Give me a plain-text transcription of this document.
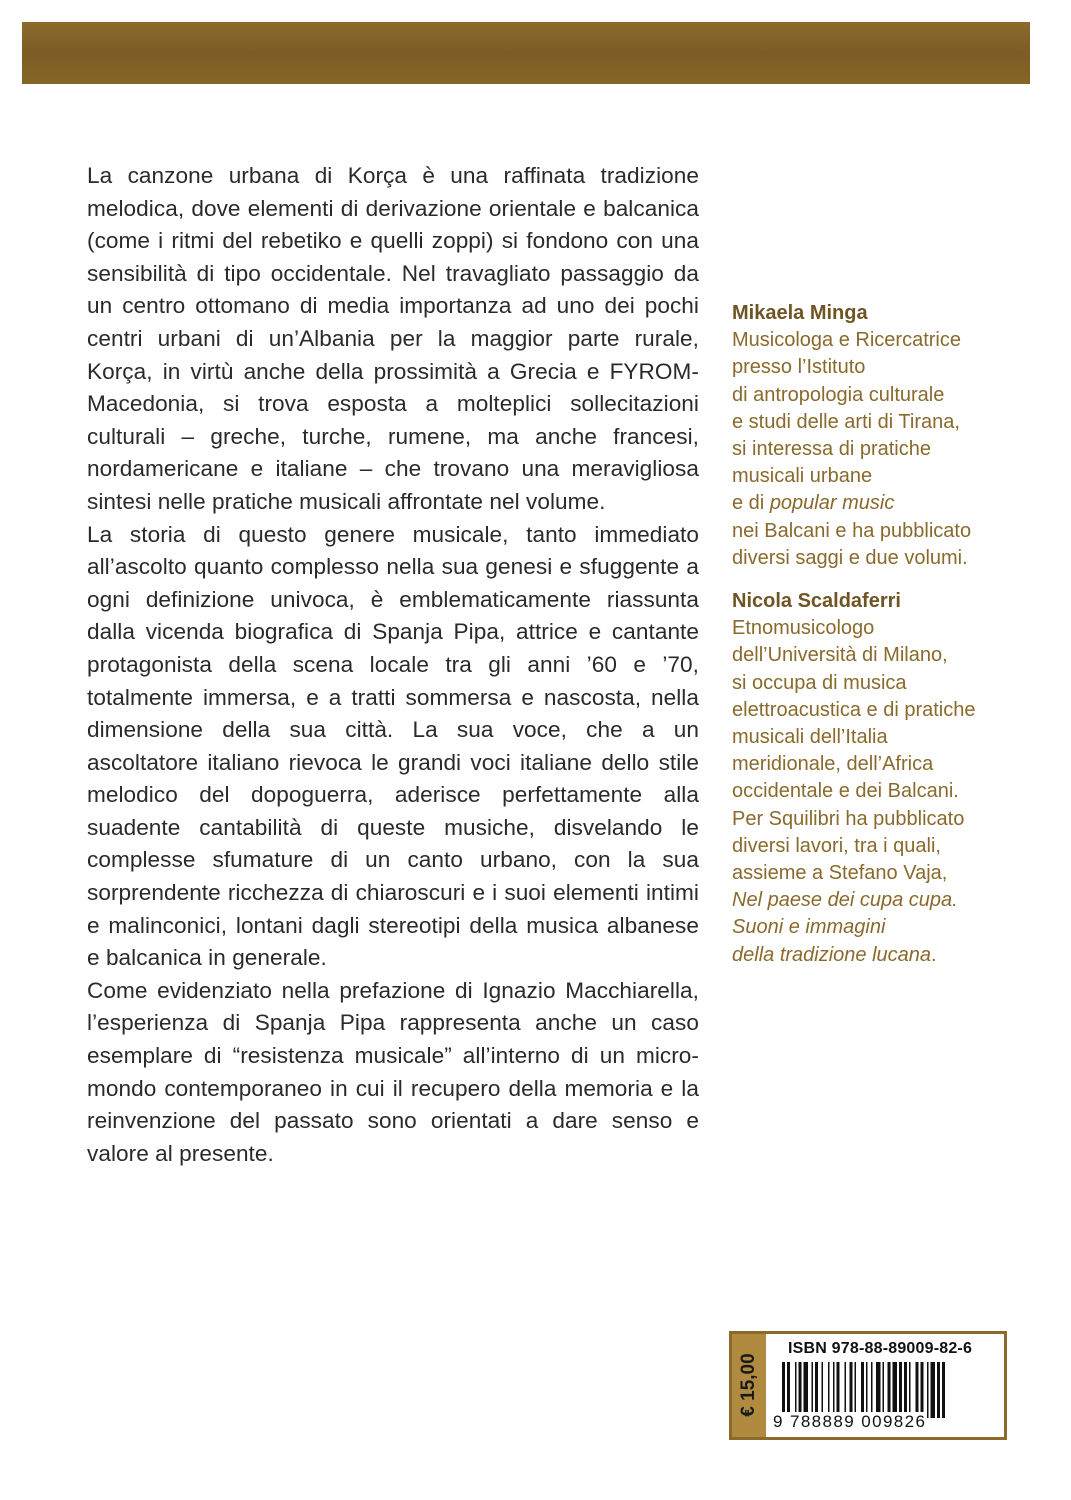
La canzone urbana di Korça è una raffinata tradizione melodica, dove elementi di derivazione orientale e balcanica (come i ritmi del rebetiko e quelli zoppi) si fondono con una sensibilità di tipo occidentale. Nel travagliato passaggio da un centro ottomano di media importanza ad uno dei pochi centri urbani di un’Albania per la maggior parte rurale, Korça, in virtù anche della prossimità a Grecia e FYROM-Macedonia, si trova esposta a molteplici sollecitazioni culturali – greche, turche, rumene, ma anche francesi, nordamericane e italiane – che trovano una meravigliosa sintesi nelle pratiche musicali affrontate nel volume.

La storia di questo genere musicale, tanto immediato all’ascolto quanto complesso nella sua genesi e sfuggente a ogni definizione univoca, è emblematicamente riassunta dalla vicenda biografica di Spanja Pipa, attrice e cantante protagonista della scena locale tra gli anni ’60 e ’70, totalmente immersa, e a tratti sommersa e nascosta, nella dimensione della sua città. La sua voce, che a un ascoltatore italiano rievoca le grandi voci italiane dello stile melodico del dopoguerra, aderisce perfettamente alla suadente cantabilità di queste musiche, disvelando le complesse sfumature di un canto urbano, con la sua sorprendente ricchezza di chiaroscuri e i suoi elementi intimi e malinconici, lontani dagli stereotipi della musica albanese e balcanica in generale.

Come evidenziato nella prefazione di Ignazio Macchiarella, l’esperienza di Spanja Pipa rappresenta anche un caso esemplare di “resistenza musicale” all’interno di un micro-mondo contemporaneo in cui il recupero della memoria e la reinvenzione del passato sono orientati a dare senso e valore al presente.

Mikaela Minga
Musicologa e Ricercatrice
presso l’Istituto
di antropologia culturale
e studi delle arti di Tirana,
si interessa di pratiche
musicali urbane
e di popular music
nei Balcani e ha pubblicato
diversi saggi e due volumi.
Nicola Scaldaferri
Etnomusicologo
dell’Università di Milano,
si occupa di musica
elettroacustica e di pratiche
musicali dell’Italia
meridionale, dell’Africa
occidentale e dei Balcani.
Per Squilibri ha pubblicato
diversi lavori, tra i quali,
assieme a Stefano Vaja,
Nel paese dei cupa cupa.
Suoni e immagini
della tradizione lucana.
€ 15,00
ISBN 978-88-89009-82-6
9 788889 009826
